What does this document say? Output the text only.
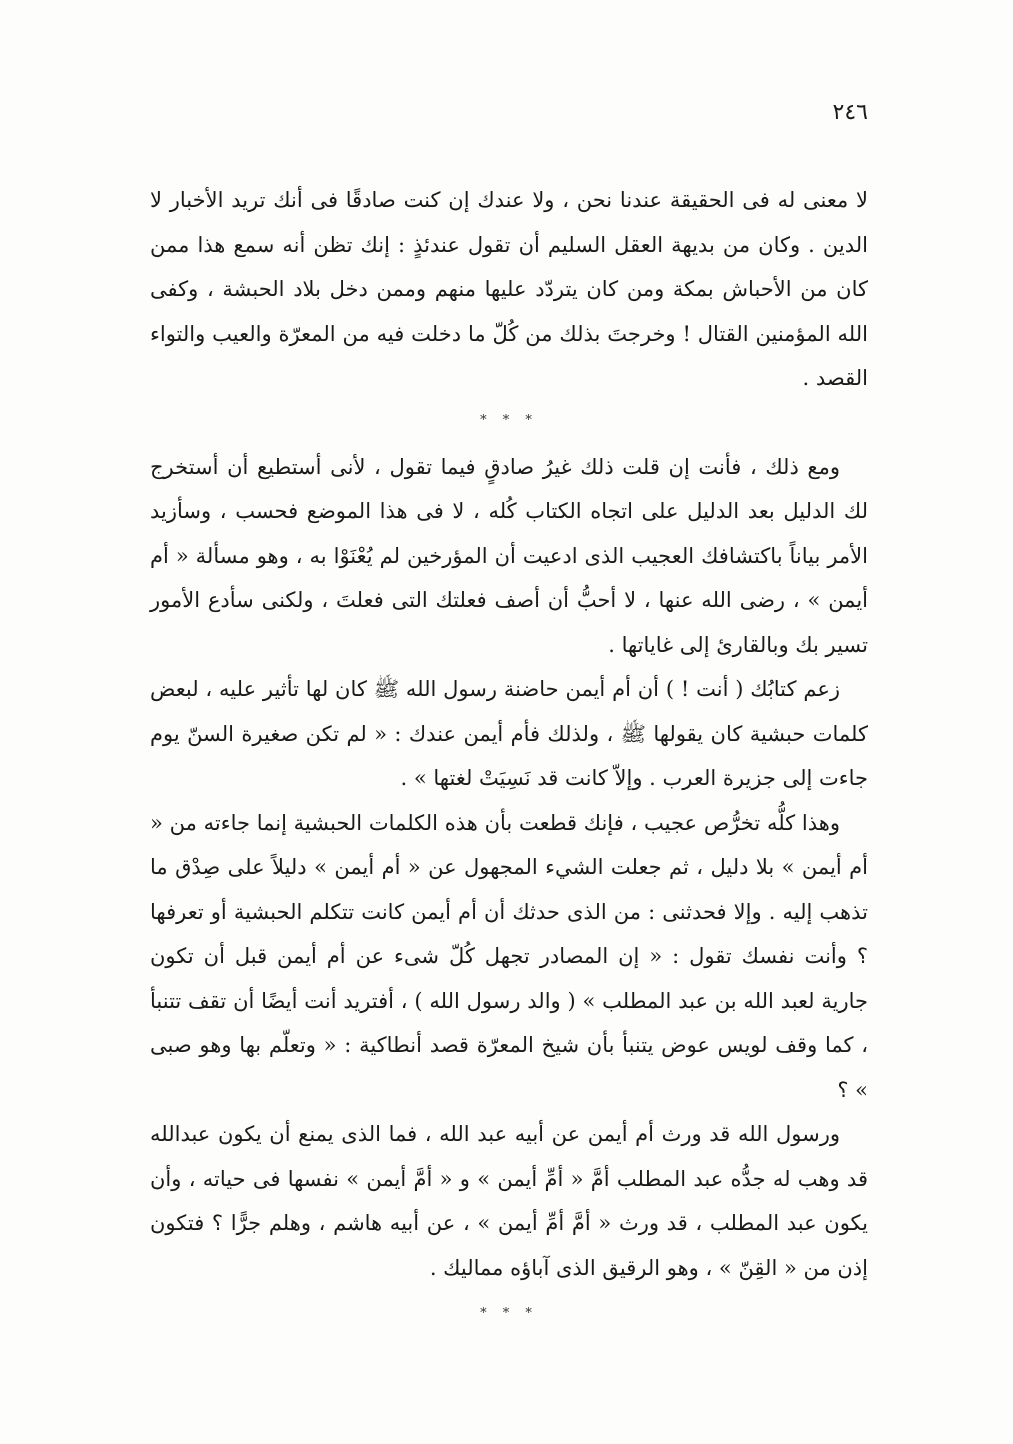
٢٤٦

لا معنى له فى الحقيقة عندنا نحن ، ولا عندك إن كنت صادقًا فى أنك تريد الأخبار لا الدين . وكان من بديهة العقل السليم أن تقول عندئذٍ : إنك تظن أنه سمع هذا ممن كان من الأحباش بمكة ومن كان يتردّد عليها منهم وممن دخل بلاد الحبشة ، وكفى الله المؤمنين القتال ! وخرجتَ بذلك من كُلّ ما دخلت فيه من المعرّة والعيب والتواء القصد .

* * *

ومع ذلك ، فأنت إن قلت ذلك غيرُ صادقٍ فيما تقول ، لأنى أستطيع أن أستخرج لك الدليل بعد الدليل على اتجاه الكتاب كُله ، لا فى هذا الموضع فحسب ، وسأزيد الأمر بياناً باكتشافك العجيب الذى ادعيت أن المؤرخين لم يُعْنَوْا به ، وهو مسألة « أم أيمن » ، رضى الله عنها ، لا أحبُّ أن أصف فعلتك التى فعلتَ ، ولكنى سأدع الأمور تسير بك وبالقارئ إلى غاياتها .

زعم كتابُك ( أنت ! ) أن أم أيمن حاضنة رسول الله ﷺ كان لها تأثير عليه ، لبعض كلمات حبشية كان يقولها ﷺ ، ولذلك فأم أيمن عندك : « لم تكن صغيرة السنّ يوم جاءت إلى جزيرة العرب . وإلاّ كانت قد نَسِيَتْ لغتها » .

وهذا كلُّه تخرُّص عجيب ، فإنك قطعت بأن هذه الكلمات الحبشية إنما جاءته من « أم أيمن » بلا دليل ، ثم جعلت الشيء المجهول عن « أم أيمن » دليلاً على صِدْق ما تذهب إليه . وإلا فحدثنى : من الذى حدثك أن أم أيمن كانت تتكلم الحبشية أو تعرفها ؟ وأنت نفسك تقول : « إن المصادر تجهل كُلّ شىء عن أم أيمن قبل أن تكون جارية لعبد الله بن عبد المطلب » ( والد رسول الله ) ، أفتريد أنت أيضًا أن تقف تتنبأ ، كما وقف لويس عوض يتنبأ بأن شيخ المعرّة قصد أنطاكية : « وتعلّم بها وهو صبى » ؟

ورسول الله قد ورث أم أيمن عن أبيه عبد الله ، فما الذى يمنع أن يكون عبدالله قد وهب له جدُّه عبد المطلب أمَّ « أمِّ أيمن » و « أمَّ أيمن » نفسها فى حياته ، وأن يكون عبد المطلب ، قد ورث « أمَّ أمِّ أيمن » ، عن أبيه هاشم ، وهلم جرًّا ؟ فتكون إذن من « القِنّ » ، وهو الرقيق الذى آباؤه مماليك .

* * *
